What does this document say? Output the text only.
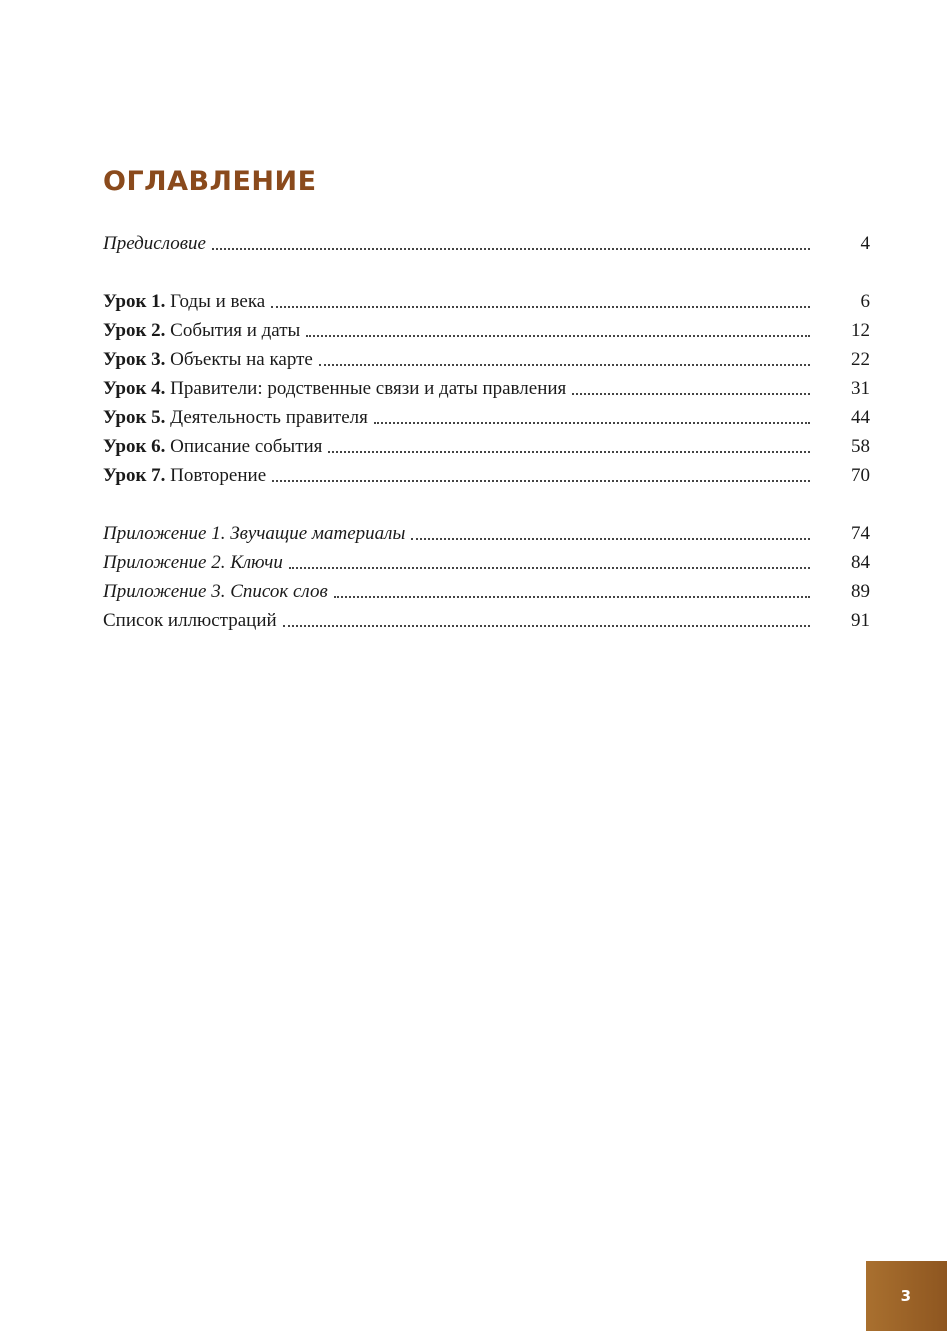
ОГЛАВЛЕНИЕ
Предисловие	4
Урок 1. Годы и века	6
Урок 2. События и даты	12
Урок 3. Объекты на карте	22
Урок 4. Правители: родственные связи и даты правления	31
Урок 5. Деятельность правителя	44
Урок 6. Описание события	58
Урок 7. Повторение	70
Приложение 1. Звучащие материалы	74
Приложение 2. Ключи	84
Приложение 3. Список слов	89
Список иллюстраций	91
3
